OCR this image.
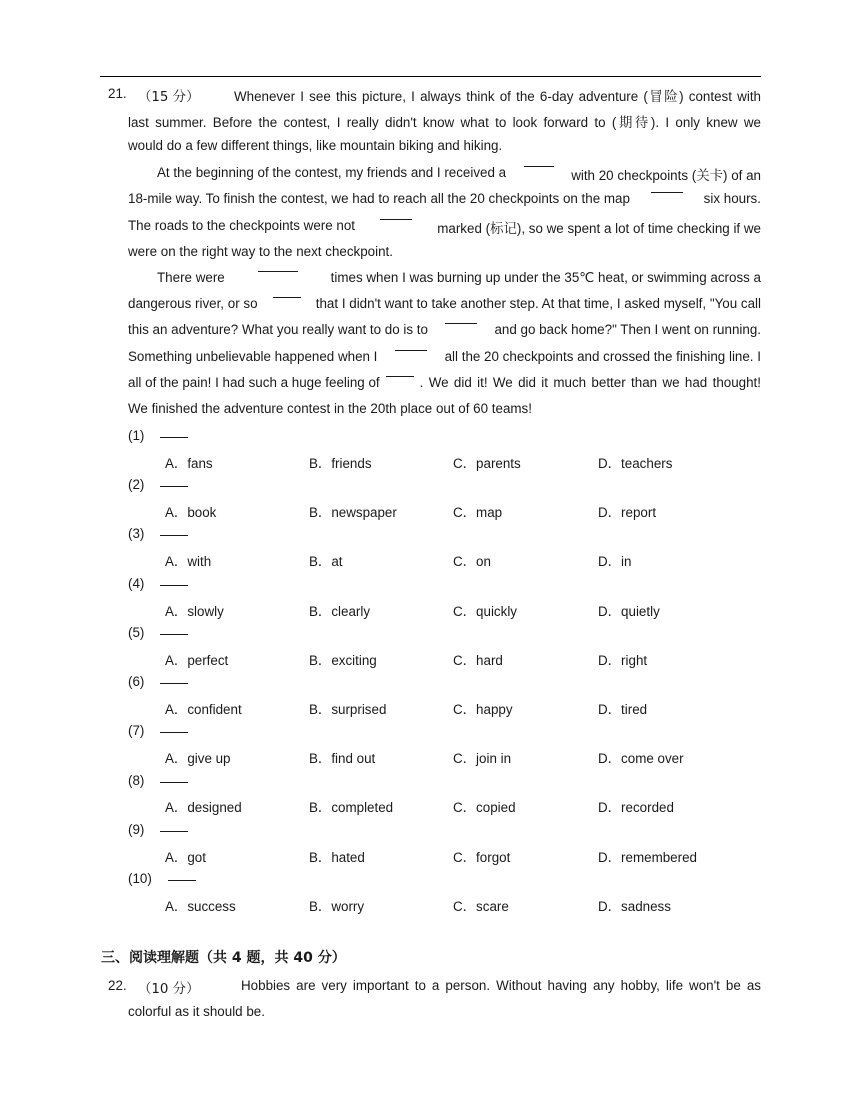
21. （15 分）	Whenever I see this picture, I always think of the 6-day adventure (冒险) contest with
last summer. Before the contest, I really didn't know what to look forward to (期待). I only knew we
would do a few different things, like mountain biking and hiking.
At the beginning of the contest, my friends and I received a	with 20 checkpoints (关卡) of an
18-mile way. To finish the contest, we had to reach all the 20 checkpoints on the map	six hours.
The roads to the checkpoints were not	marked (标记), so we spent a lot of time checking if we
were on the right way to the next checkpoint.
There were	times when I was burning up under the 35℃ heat, or swimming across a
dangerous river, or so	that I didn't want to take another step. At that time, I asked myself, "You call
this an adventure? What you really want to do is to	and go back home?" Then I went on running.
Something unbelievable happened when I	all the 20 checkpoints and crossed the finishing line. I
all of the pain! I had such a huge feeling of	. We did it! We did it much better than we had thought!
We finished the adventure contest in the 20th place out of 60 teams!
(1)
A．fans	B．friends	C．parents	D．teachers
(2)
A．book	B．newspaper	C．map	D．report
(3)
A．with	B．at	C．on	D．in
(4)
A．slowly	B．clearly	C．quickly	D．quietly
(5)
A．perfect	B．exciting	C．hard	D．right
(6)
A．confident	B．surprised	C．happy	D．tired
(7)
A．give up	B．find out	C．join in	D．come over
(8)
A．designed	B．completed	C．copied	D．recorded
(9)
A．got	B．hated	C．forgot	D．remembered
(10)
A．success	B．worry	C．scare	D．sadness
三、阅读理解题（共 4 题，共 40 分）
22. （10 分）	Hobbies are very important to a person. Without having any hobby, life won't be as
colorful as it should be.
